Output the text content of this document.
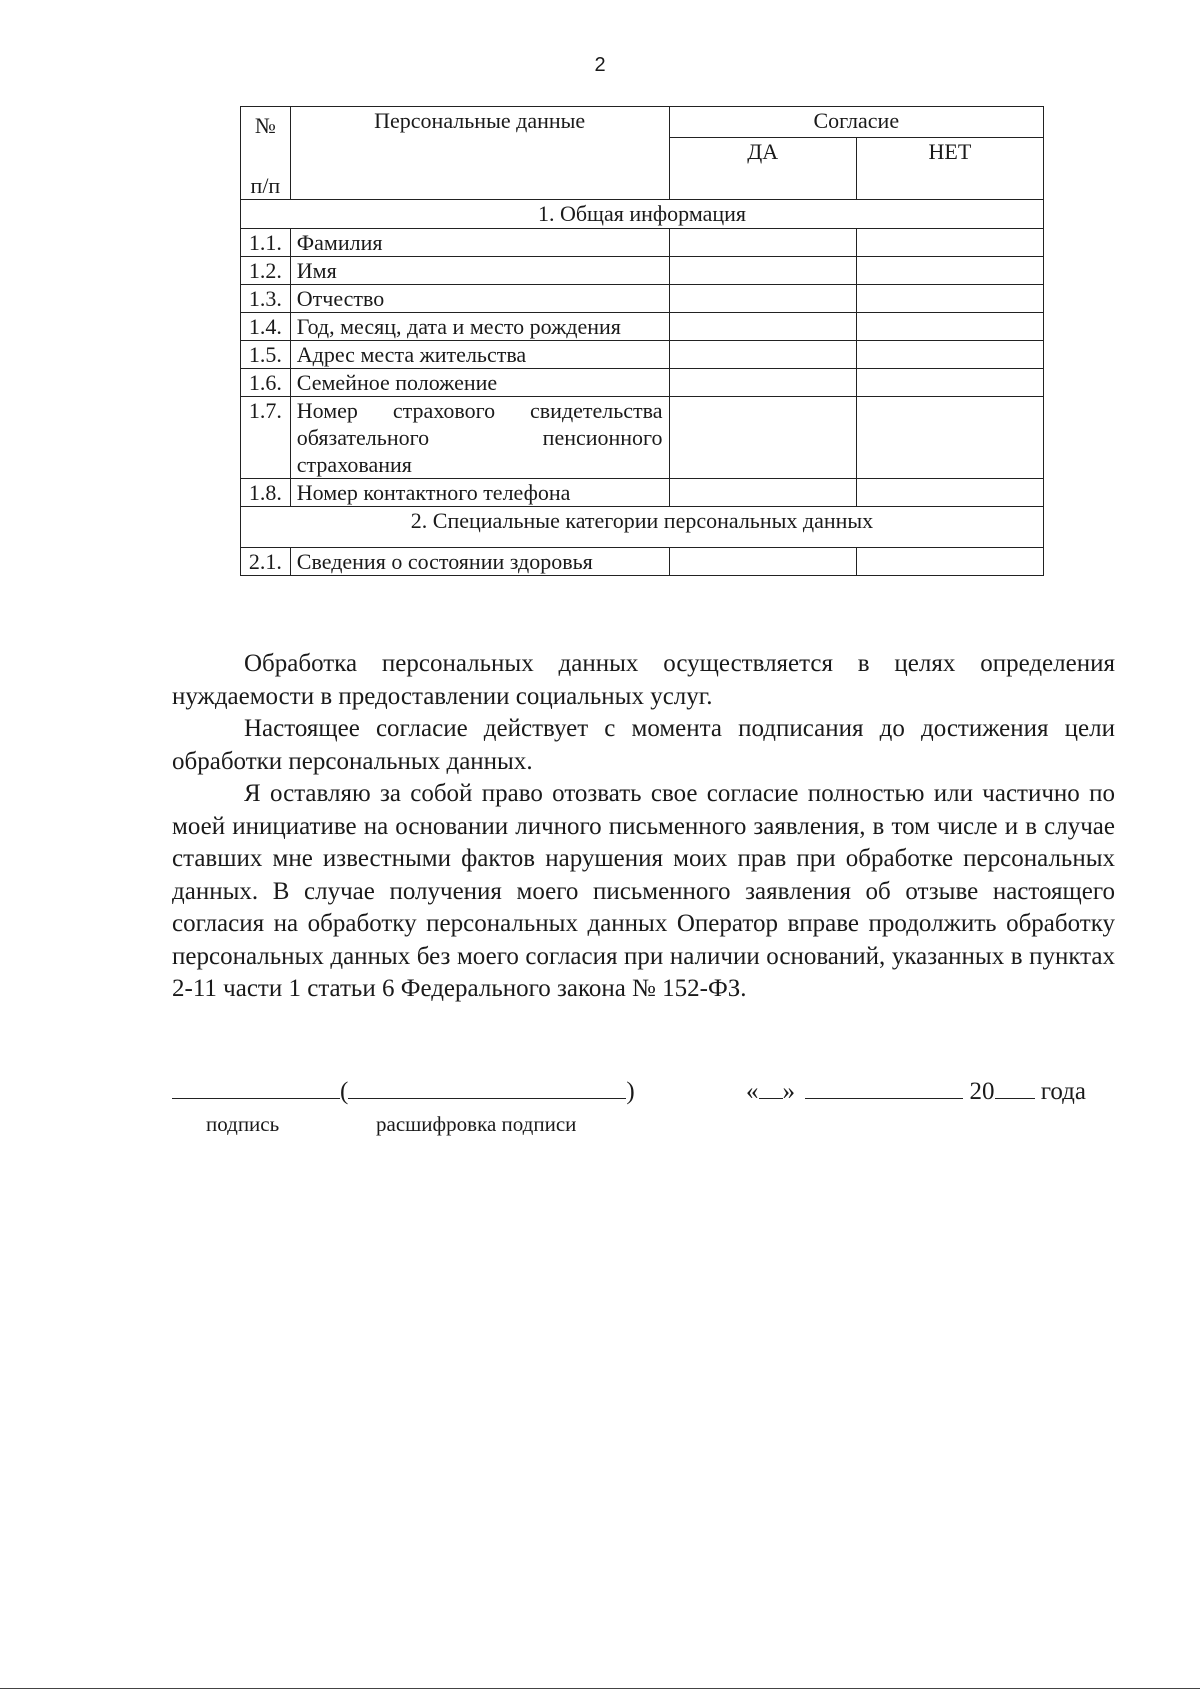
2
№
п/п	Персональные данные	Согласие	
		ДА	НЕТ
1. Общая информация			
1.1.	Фамилия		
1.2.	Имя		
1.3.	Отчество		
1.4.	Год, месяц, дата и место рождения		
1.5.	Адрес места жительства		
1.6.	Семейное положение		
1.7.	Номер страхового свидетельства обязательного пенсионного страхования		
1.8.	Номер контактного телефона		
2. Специальные категории персональных данных			
2.1.	Сведения о состоянии здоровья		

Обработка персональных данных осуществляется в целях определения нуждаемости в предоставлении социальных услуг.

Настоящее согласие действует с момента подписания до достижения цели обработки персональных данных.

Я оставляю за собой право отозвать свое согласие полностью или частично по моей инициативе на основании личного письменного заявления, в том числе и в случае ставших мне известными фактов нарушения моих прав при обработке персональных данных. В случае получения моего письменного заявления об отзыве настоящего согласия на обработку персональных данных Оператор вправе продолжить обработку персональных данных без моего согласия при наличии оснований, указанных в пунктах 2-11 части 1 статьи 6 Федерального закона № 152-ФЗ.

(	)	« »	20 года
подпись	расшифровка подписи
